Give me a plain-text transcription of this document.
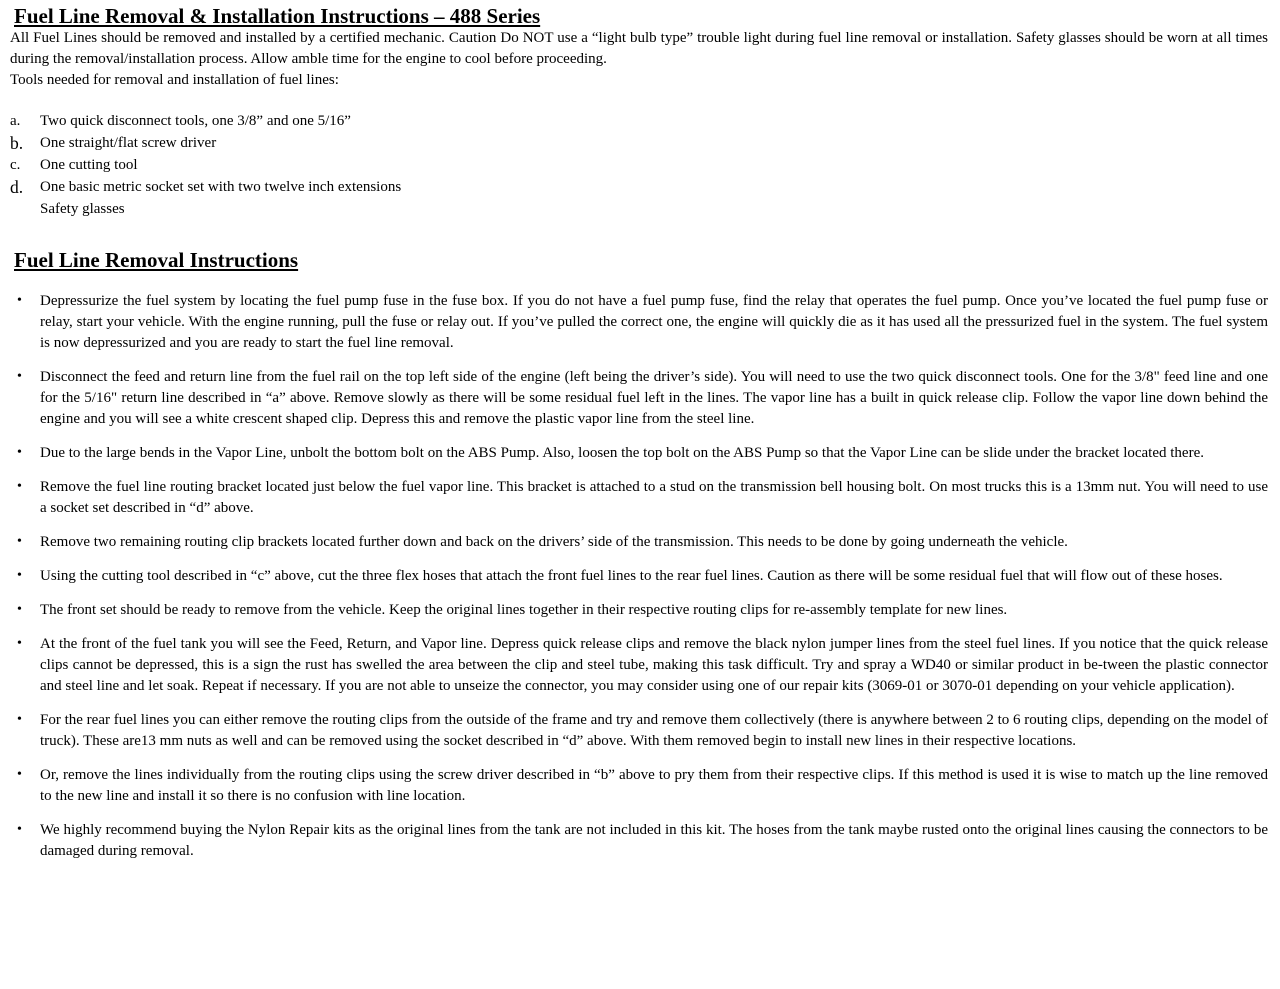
Fuel Line Removal & Installation Instructions – 488 Series

All Fuel Lines should be removed and installed by a certified mechanic. Caution Do NOT use a “light bulb type” trouble light during fuel line removal or installation. Safety glasses should be worn at all times during the removal/installation process. Allow amble time for the engine to cool before proceeding.

Tools needed for removal and installation of fuel lines:

a. Two quick disconnect tools, one 3/8” and one 5/16”
b. One straight/flat screw driver
c. One cutting tool
d. One basic metric socket set with two twelve inch extensions
Safety glasses
Fuel Line Removal Instructions
• Depressurize the fuel system by locating the fuel pump fuse in the fuse box. If you do not have a fuel pump fuse, find the relay that operates the fuel pump. Once you’ve located the fuel pump fuse or relay, start your vehicle. With the engine running, pull the fuse or relay out. If you’ve pulled the correct one, the engine will quickly die as it has used all the pressurized fuel in the system. The fuel system is now depressurized and you are ready to start the fuel line removal.
• Disconnect the feed and return line from the fuel rail on the top left side of the engine (left being the driver’s side). You will need to use the two quick disconnect tools. One for the 3/8" feed line and one for the 5/16" return line described in “a” above. Remove slowly as there will be some residual fuel left in the lines. The vapor line has a built in quick release clip. Follow the vapor line down behind the engine and you will see a white crescent shaped clip. Depress this and remove the plastic vapor line from the steel line.
• Due to the large bends in the Vapor Line, unbolt the bottom bolt on the ABS Pump. Also, loosen the top bolt on the ABS Pump so that the Vapor Line can be slide under the bracket located there.
• Remove the fuel line routing bracket located just below the fuel vapor line. This bracket is attached to a stud on the transmission bell housing bolt. On most trucks this is a 13mm nut. You will need to use a socket set described in “d” above.
• Remove two remaining routing clip brackets located further down and back on the drivers’ side of the transmission. This needs to be done by going underneath the vehicle.
• Using the cutting tool described in “c” above, cut the three flex hoses that attach the front fuel lines to the rear fuel lines. Caution as there will be some residual fuel that will flow out of these hoses.
• The front set should be ready to remove from the vehicle. Keep the original lines together in their respective routing clips for re-assembly template for new lines.
• At the front of the fuel tank you will see the Feed, Return, and Vapor line. Depress quick release clips and remove the black nylon jumper lines from the steel fuel lines. If you notice that the quick release clips cannot be depressed, this is a sign the rust has swelled the area between the clip and steel tube, making this task difficult. Try and spray a WD40 or similar product in be-tween the plastic connector and steel line and let soak. Repeat if necessary. If you are not able to unseize the connector, you may consider using one of our repair kits (3069-01 or 3070-01 depending on your vehicle application).
• For the rear fuel lines you can either remove the routing clips from the outside of the frame and try and remove them collectively (there is anywhere between 2 to 6 routing clips, depending on the model of truck). These are13 mm nuts as well and can be removed using the socket described in “d” above. With them removed begin to install new lines in their respective locations.
• Or, remove the lines individually from the routing clips using the screw driver described in “b” above to pry them from their respective clips. If this method is used it is wise to match up the line removed to the new line and install it so there is no confusion with line location.
• We highly recommend buying the Nylon Repair kits as the original lines from the tank are not included in this kit. The hoses from the tank maybe rusted onto the original lines causing the connectors to be damaged during removal.
